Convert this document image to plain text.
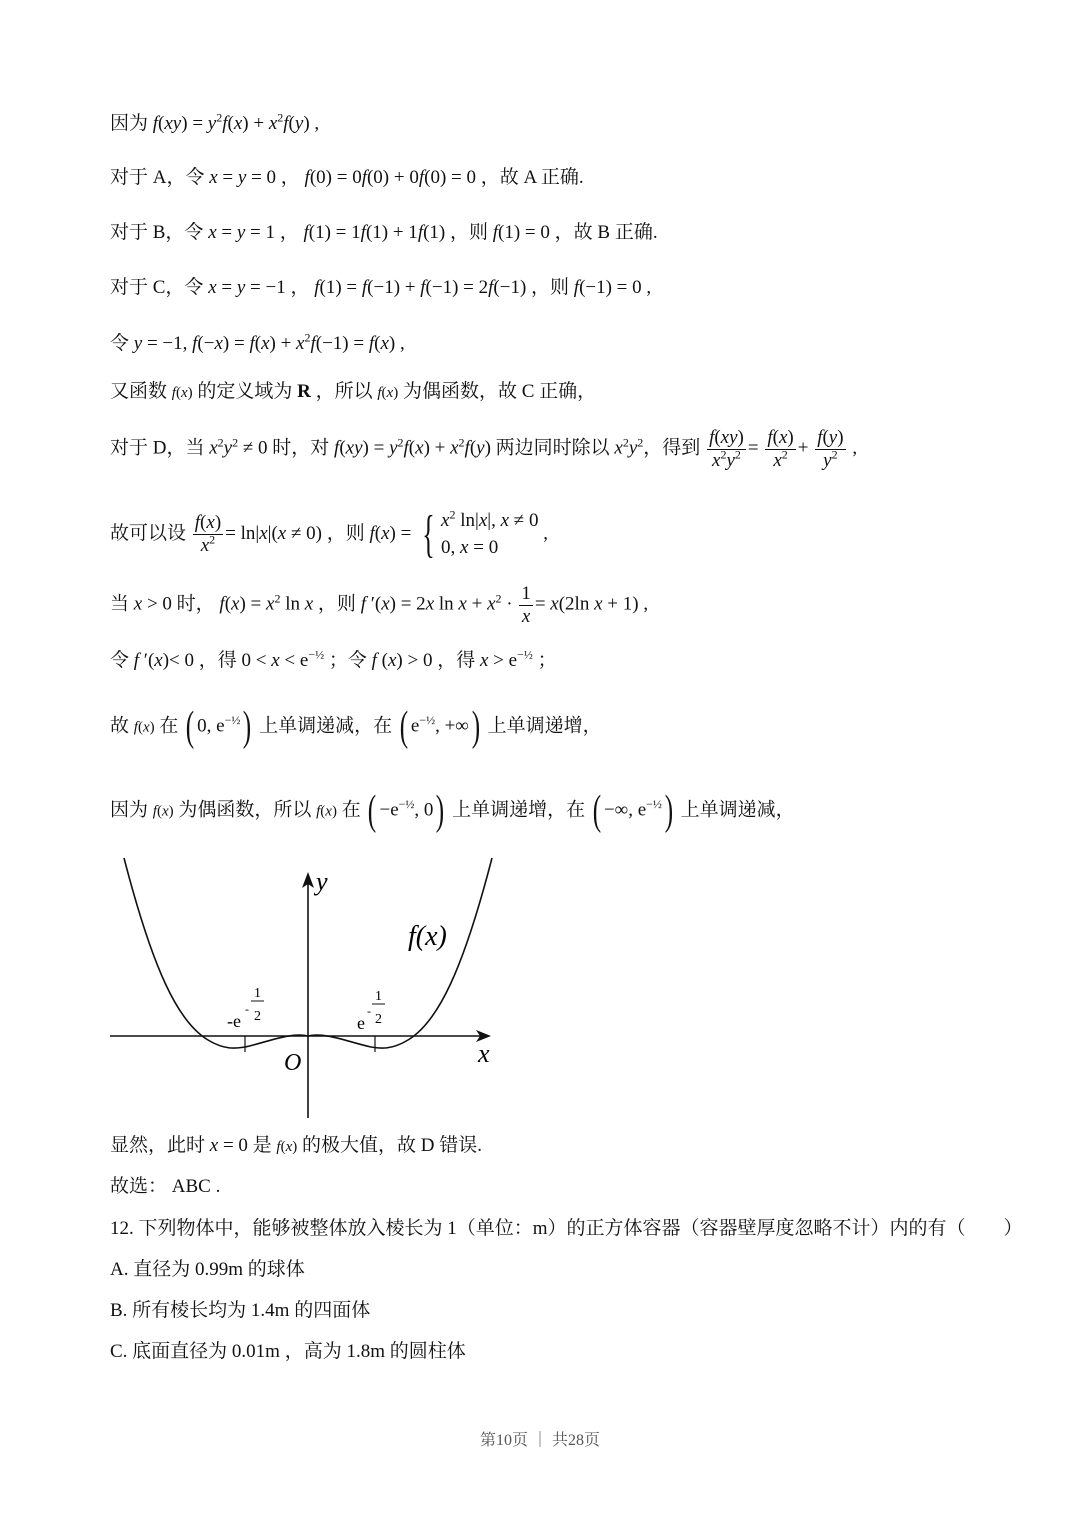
因为 $f(xy) = y^2f(x) + x^2f(y)$ ,
对于 A，令 x = y = 0 ， f(0) = 0f(0) + 0f(0) = 0 ，故 A 正确.
对于 B，令 x = y = 1 ， f(1) = 1f(1) + 1f(1) ，则 f(1) = 0 ，故 B 正确.
对于 C，令 x = y = −1 ， f(1) = f(−1) + f(−1) = 2f(−1) ，则 f(−1) = 0 ,
令 y = −1, $f(-x) = f(x) + x^2f(-1) = f(x)$ ,
又函数 f(x) 的定义域为 R ，所以 f(x) 为偶函数，故 C 正确，
对于 D，当 $x^2y^2 \ne 0$ 时，对 $f(xy) = y^2f(x) + x^2f(y)$ 两边同时除以 $x^2y^2$，得到 $\frac{f(xy)}{x^2y^2} = \frac{f(x)}{x^2} + \frac{f(y)}{y^2}$ ,
故可以设 $\frac{f(x)}{x^2} = \ln|x|(x \ne 0)$ ，则 f(x) = { $x^2$ ln|x|, x ≠ 0
0, x = 0
,
当 x > 0 时， $f(x) = x^2$ ln x ，则 f ′(x) = 2x $\ln x + x^2 \cdot \frac{1}{x} = x(2\ln$ x + 1) ,
令 f ′(x)< 0 ，得 $0 < x < e^{-\frac{1}{2}}$ ；令 f (x) > 0 ，得 $x > e^{-\frac{1}{2}}$ ；
故 f(x) 在 ( 0, $e^{-\frac{1}{2}}$) 上单调递减，在 ( $e^{-\frac{1}{2}}$, +∞) 上单调递增，
因为 f(x) 为偶函数，所以 f(x) 在 ( $-e^{-\frac{1}{2}}$, 0) 上单调递增，在 ( −∞, $e^{-\frac{1}{2}}$) 上单调递减，
y
x
O
f(x)
-e
-
1
2	e
-
1
2
显然，此时 x = 0 是 f(x) 的极大值，故 D 错误.
故选： ABC .
12. 下列物体中，能够被整体放入棱长为 1（单位：m）的正方体容器（容器壁厚度忽略不计）内的有（　　）
A. 直径为 0.99m 的球体
B. 所有棱长均为 1.4m 的四面体
C. 底面直径为 0.01m ，高为 1.8m 的圆柱体
第10页 ｜ 共28页
